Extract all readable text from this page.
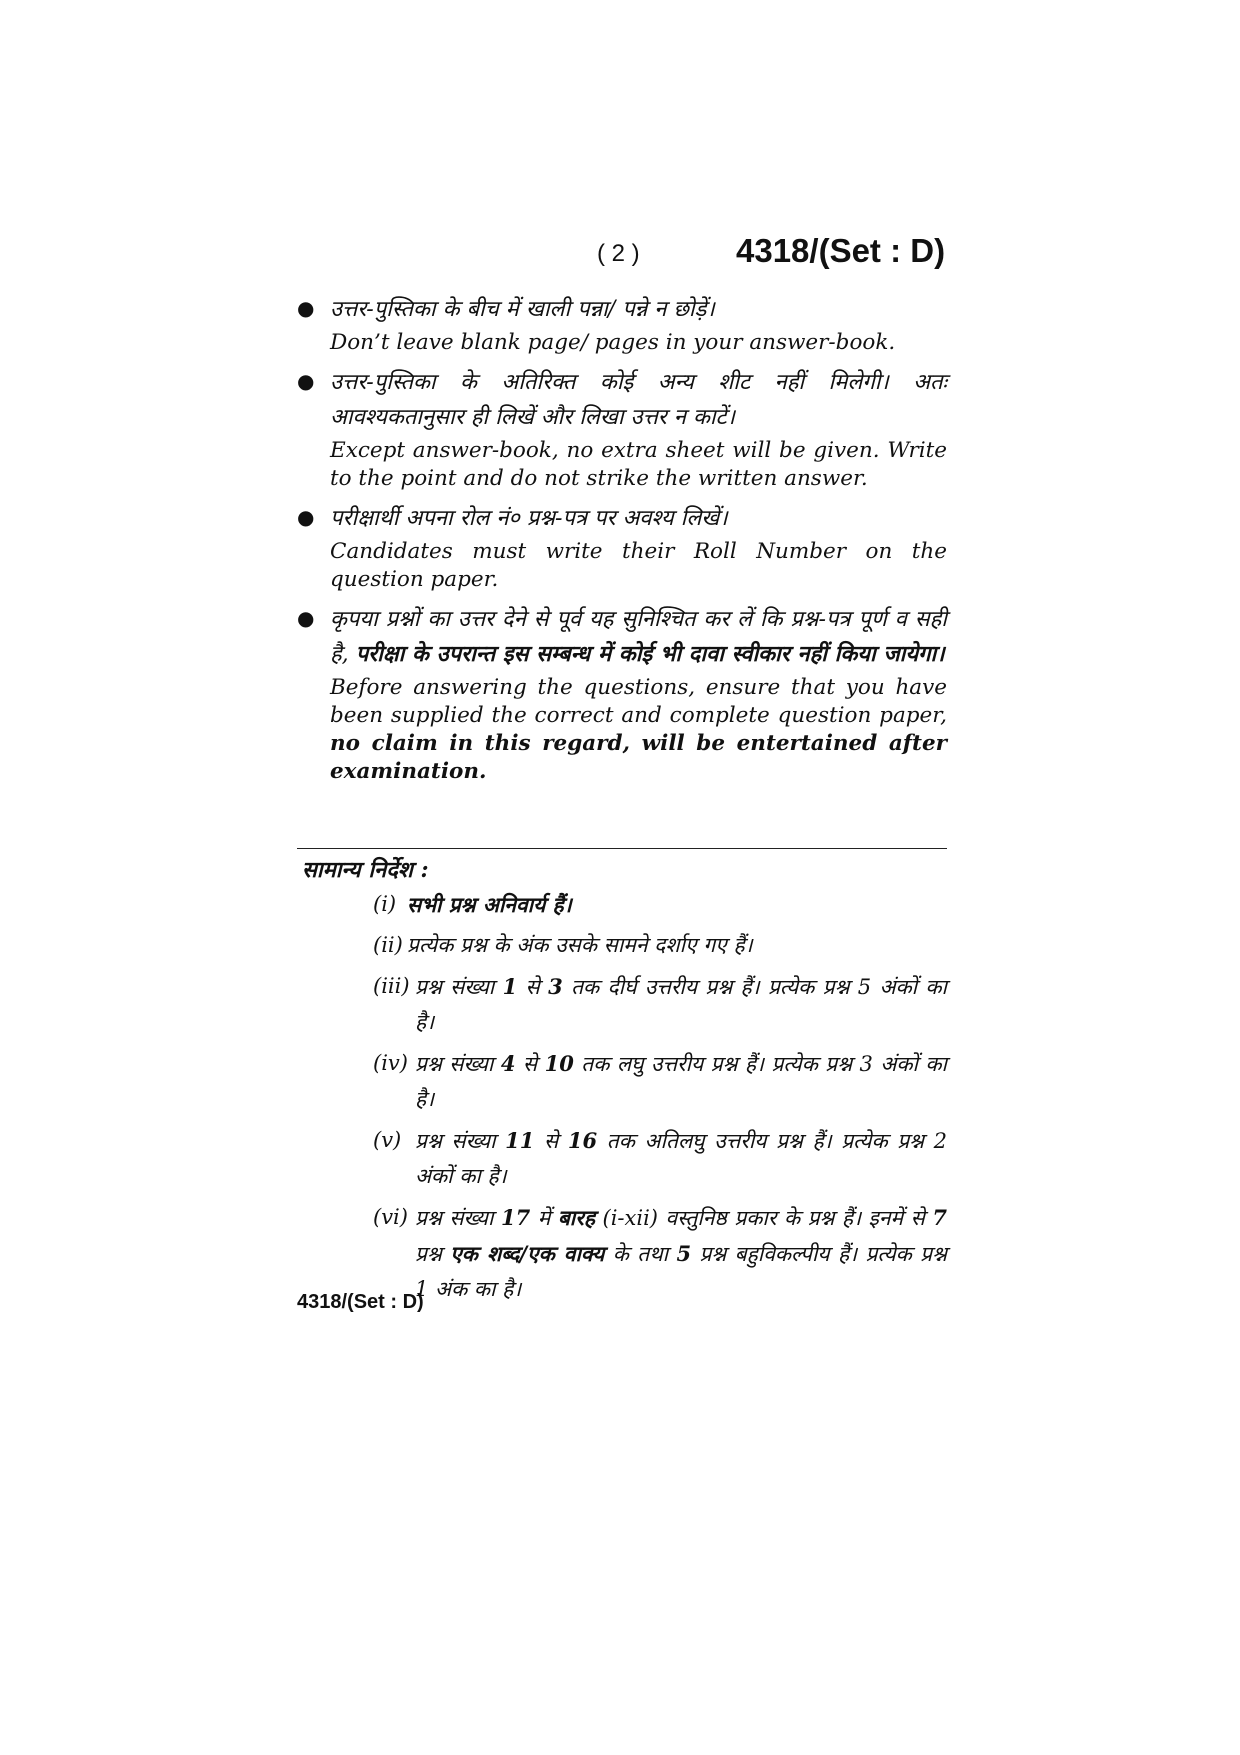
( 2 )	4318/(Set : D)
● उत्तर-पुस्तिका के बीच में खाली पन्ना/ पन्ने न छोड़ें।

Don’t leave blank page/ pages in your answer-book.

● उत्तर-पुस्तिका के अतिरिक्त कोई अन्य शीट नहीं मिलेगी। अतः आवश्यकतानुसार ही लिखें और लिखा उत्तर न काटें।

Except answer-book, no extra sheet will be given. Write to the point and do not strike the written answer.

● परीक्षार्थी अपना रोल नं० प्रश्न-पत्र पर अवश्य लिखें।

Candidates must write their Roll Number on the question paper.

● कृपया प्रश्नों का उत्तर देने से पूर्व यह सुनिश्चित कर लें कि प्रश्न-पत्र पूर्ण व सही है, परीक्षा के उपरान्त इस सम्बन्ध में कोई भी दावा स्वीकार नहीं किया जायेगा।

Before answering the questions, ensure that you have been supplied the correct and complete question paper, no claim in this regard, will be entertained after examination.

सामान्य निर्देश :
(i) सभी प्रश्न अनिवार्य हैं।
(ii) प्रत्येक प्रश्न के अंक उसके सामने दर्शाए गए हैं।
(iii) प्रश्न संख्या 1 से 3 तक दीर्घ उत्तरीय प्रश्न हैं। प्रत्येक प्रश्न 5 अंकों का है।
(iv) प्रश्न संख्या 4 से 10 तक लघु उत्तरीय प्रश्न हैं। प्रत्येक प्रश्न 3 अंकों का है।
(v) प्रश्न संख्या 11 से 16 तक अतिलघु उत्तरीय प्रश्न हैं। प्रत्येक प्रश्न 2 अंकों का है।
(vi) प्रश्न संख्या 17 में बारह (i-xii) वस्तुनिष्ठ प्रकार के प्रश्न हैं। इनमें से 7 प्रश्न एक शब्द/एक वाक्य के तथा 5 प्रश्न बहुविकल्पीय हैं। प्रत्येक प्रश्न 1 अंक का है।
4318/(Set : D)
